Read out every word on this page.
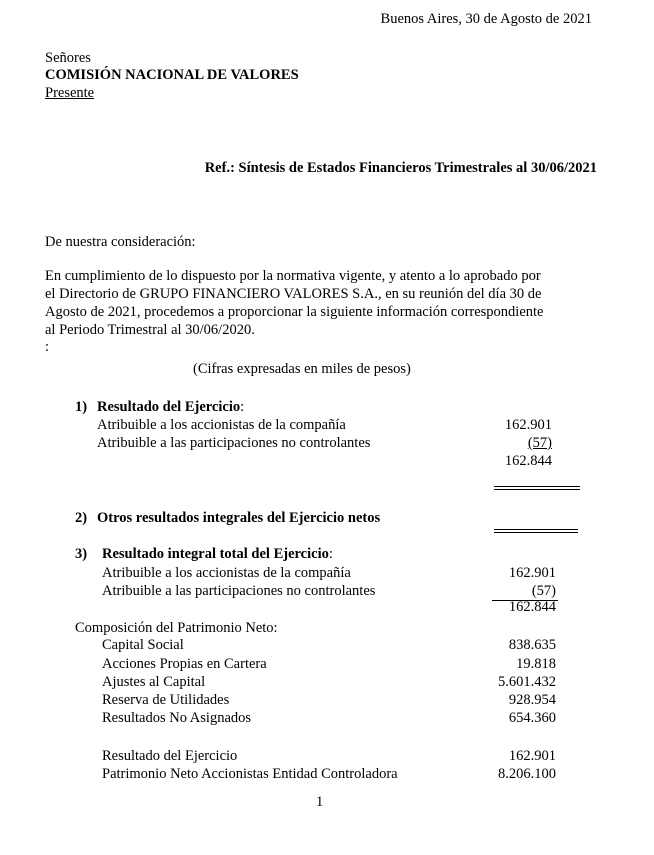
Buenos Aires, 30 de Agosto de 2021
Señores
COMISIÓN NACIONAL DE VALORES
Presente
Ref.: Síntesis de Estados Financieros Trimestrales al 30/06/2021
De nuestra consideración:
En cumplimiento de lo dispuesto por la normativa vigente, y atento a lo aprobado por
el Directorio de GRUPO FINANCIERO VALORES S.A., en su reunión del día 30 de
Agosto de 2021, procedemos a proporcionar la siguiente información correspondiente
al Periodo Trimestral al 30/06/2020.
:
(Cifras expresadas en miles de pesos)
1) Resultado del Ejercicio:
Atribuible a los accionistas de la compañía	162.901
Atribuible a las participaciones no controlantes	(57)
162.844
2) Otros resultados integrales del Ejercicio netos
3) Resultado integral total del Ejercicio:
Atribuible a los accionistas de la compañía	162.901
Atribuible a las participaciones no controlantes	(57)
162.844
Composición del Patrimonio Neto:
Capital Social	838.635
Acciones Propias en Cartera	19.818
Ajustes al Capital	5.601.432
Reserva de Utilidades	928.954
Resultados No Asignados	654.360
Resultado del Ejercicio	162.901
Patrimonio Neto Accionistas Entidad Controladora	8.206.100
1
